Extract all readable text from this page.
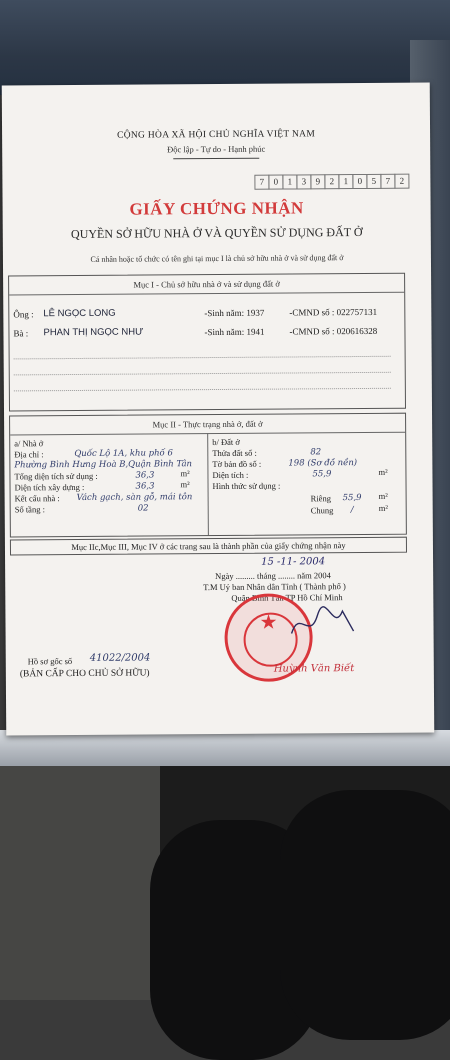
CỘNG HÒA XÃ HỘI CHỦ NGHĨA VIỆT NAM
Độc lập - Tự do - Hạnh phúc
7	0	1	3	9	2	1	0	5	7	2
GIẤY CHỨNG NHẬN
QUYỀN SỞ HỮU NHÀ Ở VÀ QUYỀN SỬ DỤNG ĐẤT Ở
Cá nhân hoặc tổ chức có tên ghi tại mục I là chủ sở hữu nhà ở và sử dụng đất ở
Mục I - Chủ sở hữu nhà ở và sử dụng đất ở
Ông : LÊ NGỌC LONG	-Sinh năm: 1937	-CMND số : 022757131
Bà : PHAN THỊ NGỌC NHƯ	-Sinh năm: 1941	-CMND số : 020616328
Mục II - Thực trạng nhà ở, đất ở
a/ Nhà ở
Địa chỉ :	Quốc Lộ 1A, khu phố 6
Phường Bình Hưng Hoà B,Quận Bình Tân
Tổng diện tích sử dụng :	36,3	m²
Diện tích xây dựng :	36,3	m²
Kết cấu nhà : Vách gạch, sàn gỗ, mái tôn
Số tầng :	02
b/ Đất ở
Thửa đất số :	82
Tờ bản đồ số :	198 (Sơ đồ nền)
Diện tích :	55,9	m²
Hình thức sử dụng :
Riêng 55,9 m²
Chung /	m²
Mục IIc,Mục III, Mục IV ở các trang sau là thành phần của giấy chứng nhận này
15 -11- 2004
Ngày ......... tháng ........ năm 2004
T.M Uỷ ban Nhân dân Tỉnh ( Thành phố )
Quận Bình Tân TP Hồ Chí Minh
★
Huỳnh Văn Biết
Hồ sơ gốc số 41022/2004
(BẢN CẤP CHO CHỦ SỞ HỮU)
